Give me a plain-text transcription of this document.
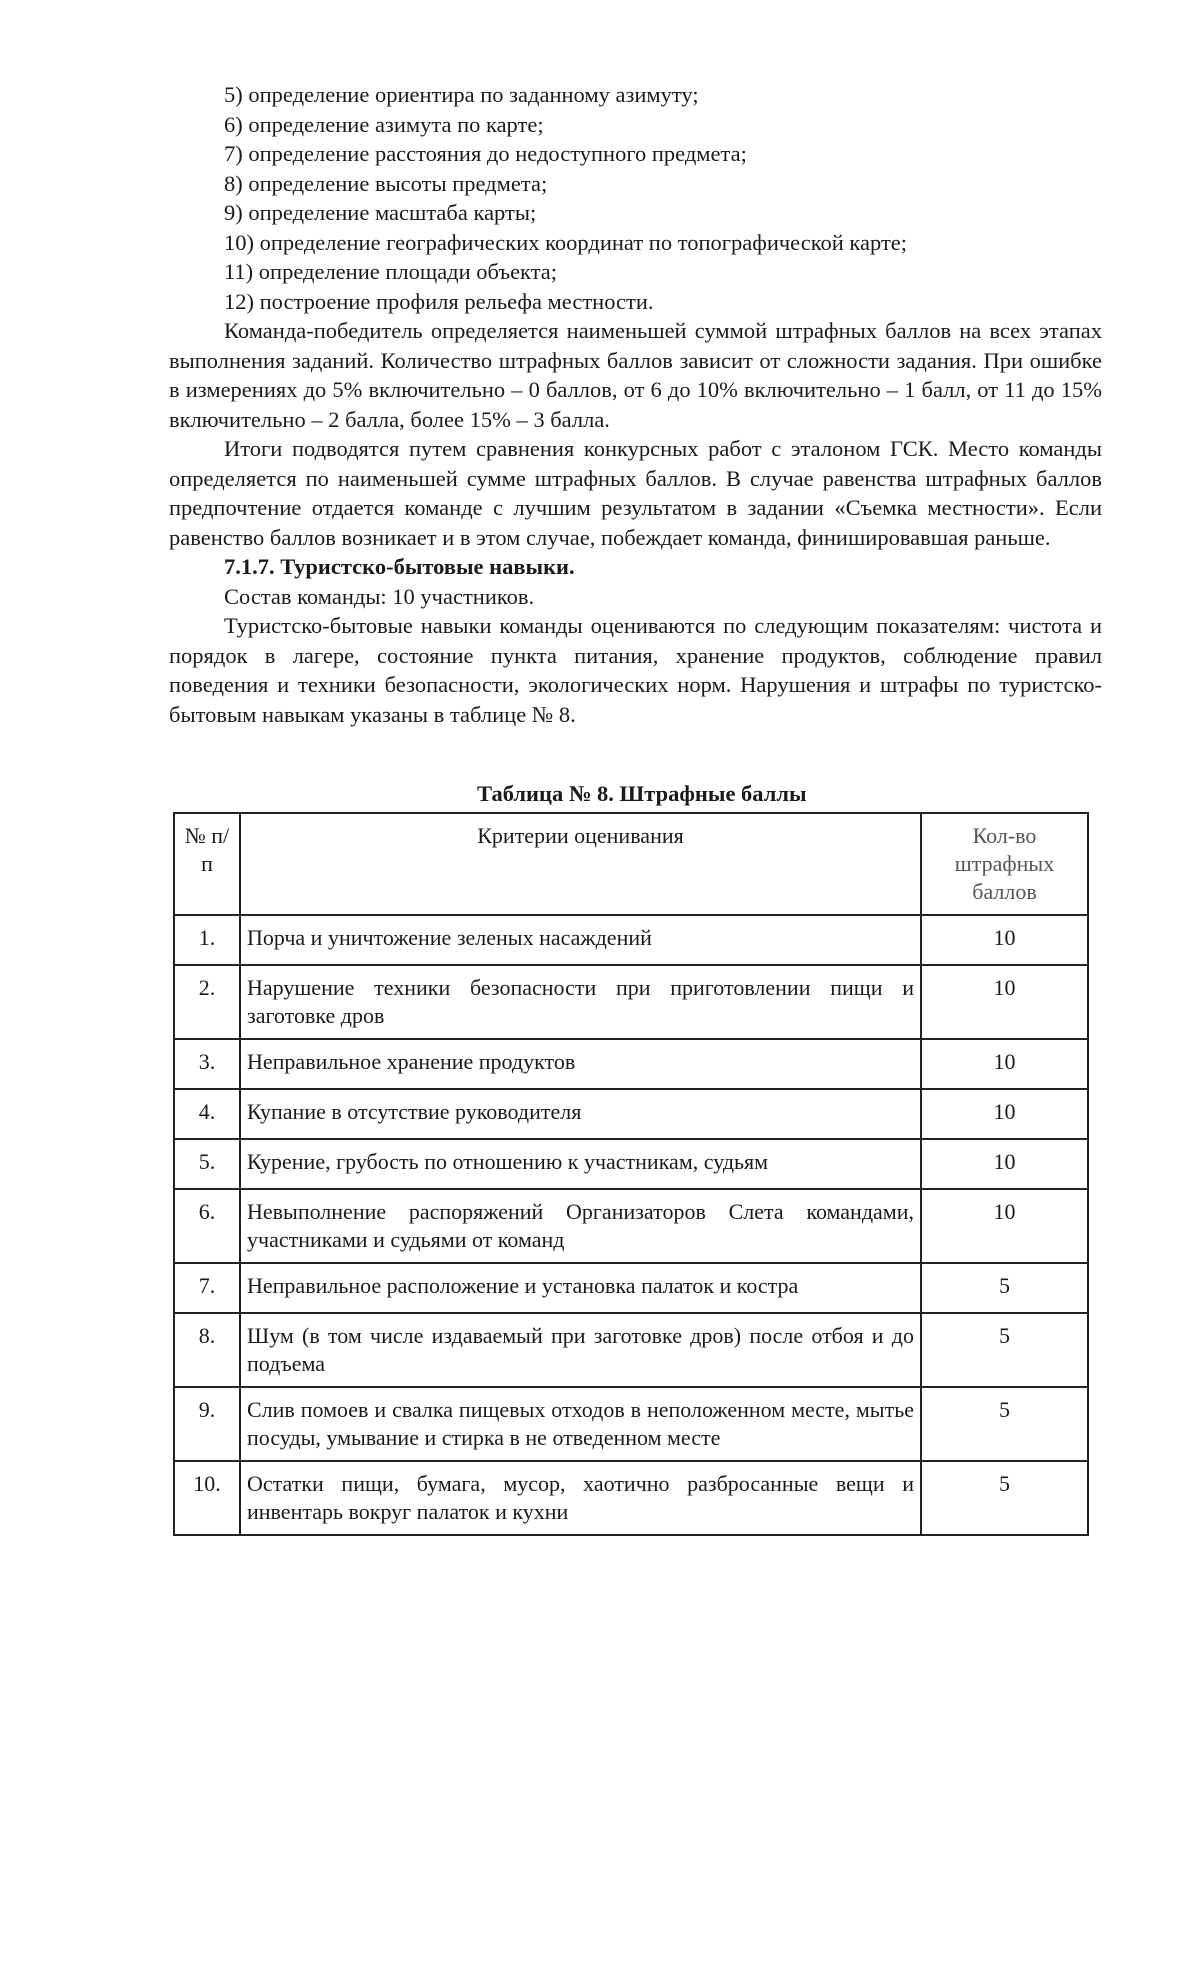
5) определение ориентира по заданному азимуту;

6) определение азимута по карте;

7) определение расстояния до недоступного предмета;

8) определение высоты предмета;

9) определение масштаба карты;

10) определение географических координат по топографической карте;

11) определение площади объекта;

12) построение профиля рельефа местности.

Команда-победитель определяется наименьшей суммой штрафных баллов на всех этапах выполнения заданий. Количество штрафных баллов зависит от сложности задания. При ошибке в измерениях до 5% включительно – 0 баллов, от 6 до 10% включительно – 1 балл, от 11 до 15% включительно – 2 балла, более 15% – 3 балла.

Итоги подводятся путем сравнения конкурсных работ с эталоном ГСК. Место команды определяется по наименьшей сумме штрафных баллов. В случае равенства штрафных баллов предпочтение отдается команде с лучшим результатом в задании «Съемка местности». Если равенство баллов возникает и в этом случае, побеждает команда, финишировавшая раньше.

7.1.7. Туристско-бытовые навыки.

Состав команды: 10 участников.

Туристско-бытовые навыки команды оцениваются по следующим показателям: чистота и порядок в лагере, состояние пункта питания, хранение продуктов, соблюдение правил поведения и техники безопасности, экологических норм. Нарушения и штрафы по туристско-бытовым навыкам указаны в таблице № 8.

Таблица № 8. Штрафные баллы
№ п/п	Критерии оценивания	Кол-во штрафных баллов
1.	Порча и уничтожение зеленых насаждений	10
2.	Нарушение техники безопасности при приготовлении пищи и заготовке дров	10
3.	Неправильное хранение продуктов	10
4.	Купание в отсутствие руководителя	10
5.	Курение, грубость по отношению к участникам, судьям	10
6.	Невыполнение распоряжений Организаторов Слета командами, участниками и судьями от команд	10
7.	Неправильное расположение и установка палаток и костра	5
8.	Шум (в том числе издаваемый при заготовке дров) после отбоя и до подъема	5
9.	Слив помоев и свалка пищевых отходов в неположенном месте, мытье посуды, умывание и стирка в не отведенном месте	5
10.	Остатки пищи, бумага, мусор, хаотично разбросанные вещи и инвентарь вокруг палаток и кухни	5
